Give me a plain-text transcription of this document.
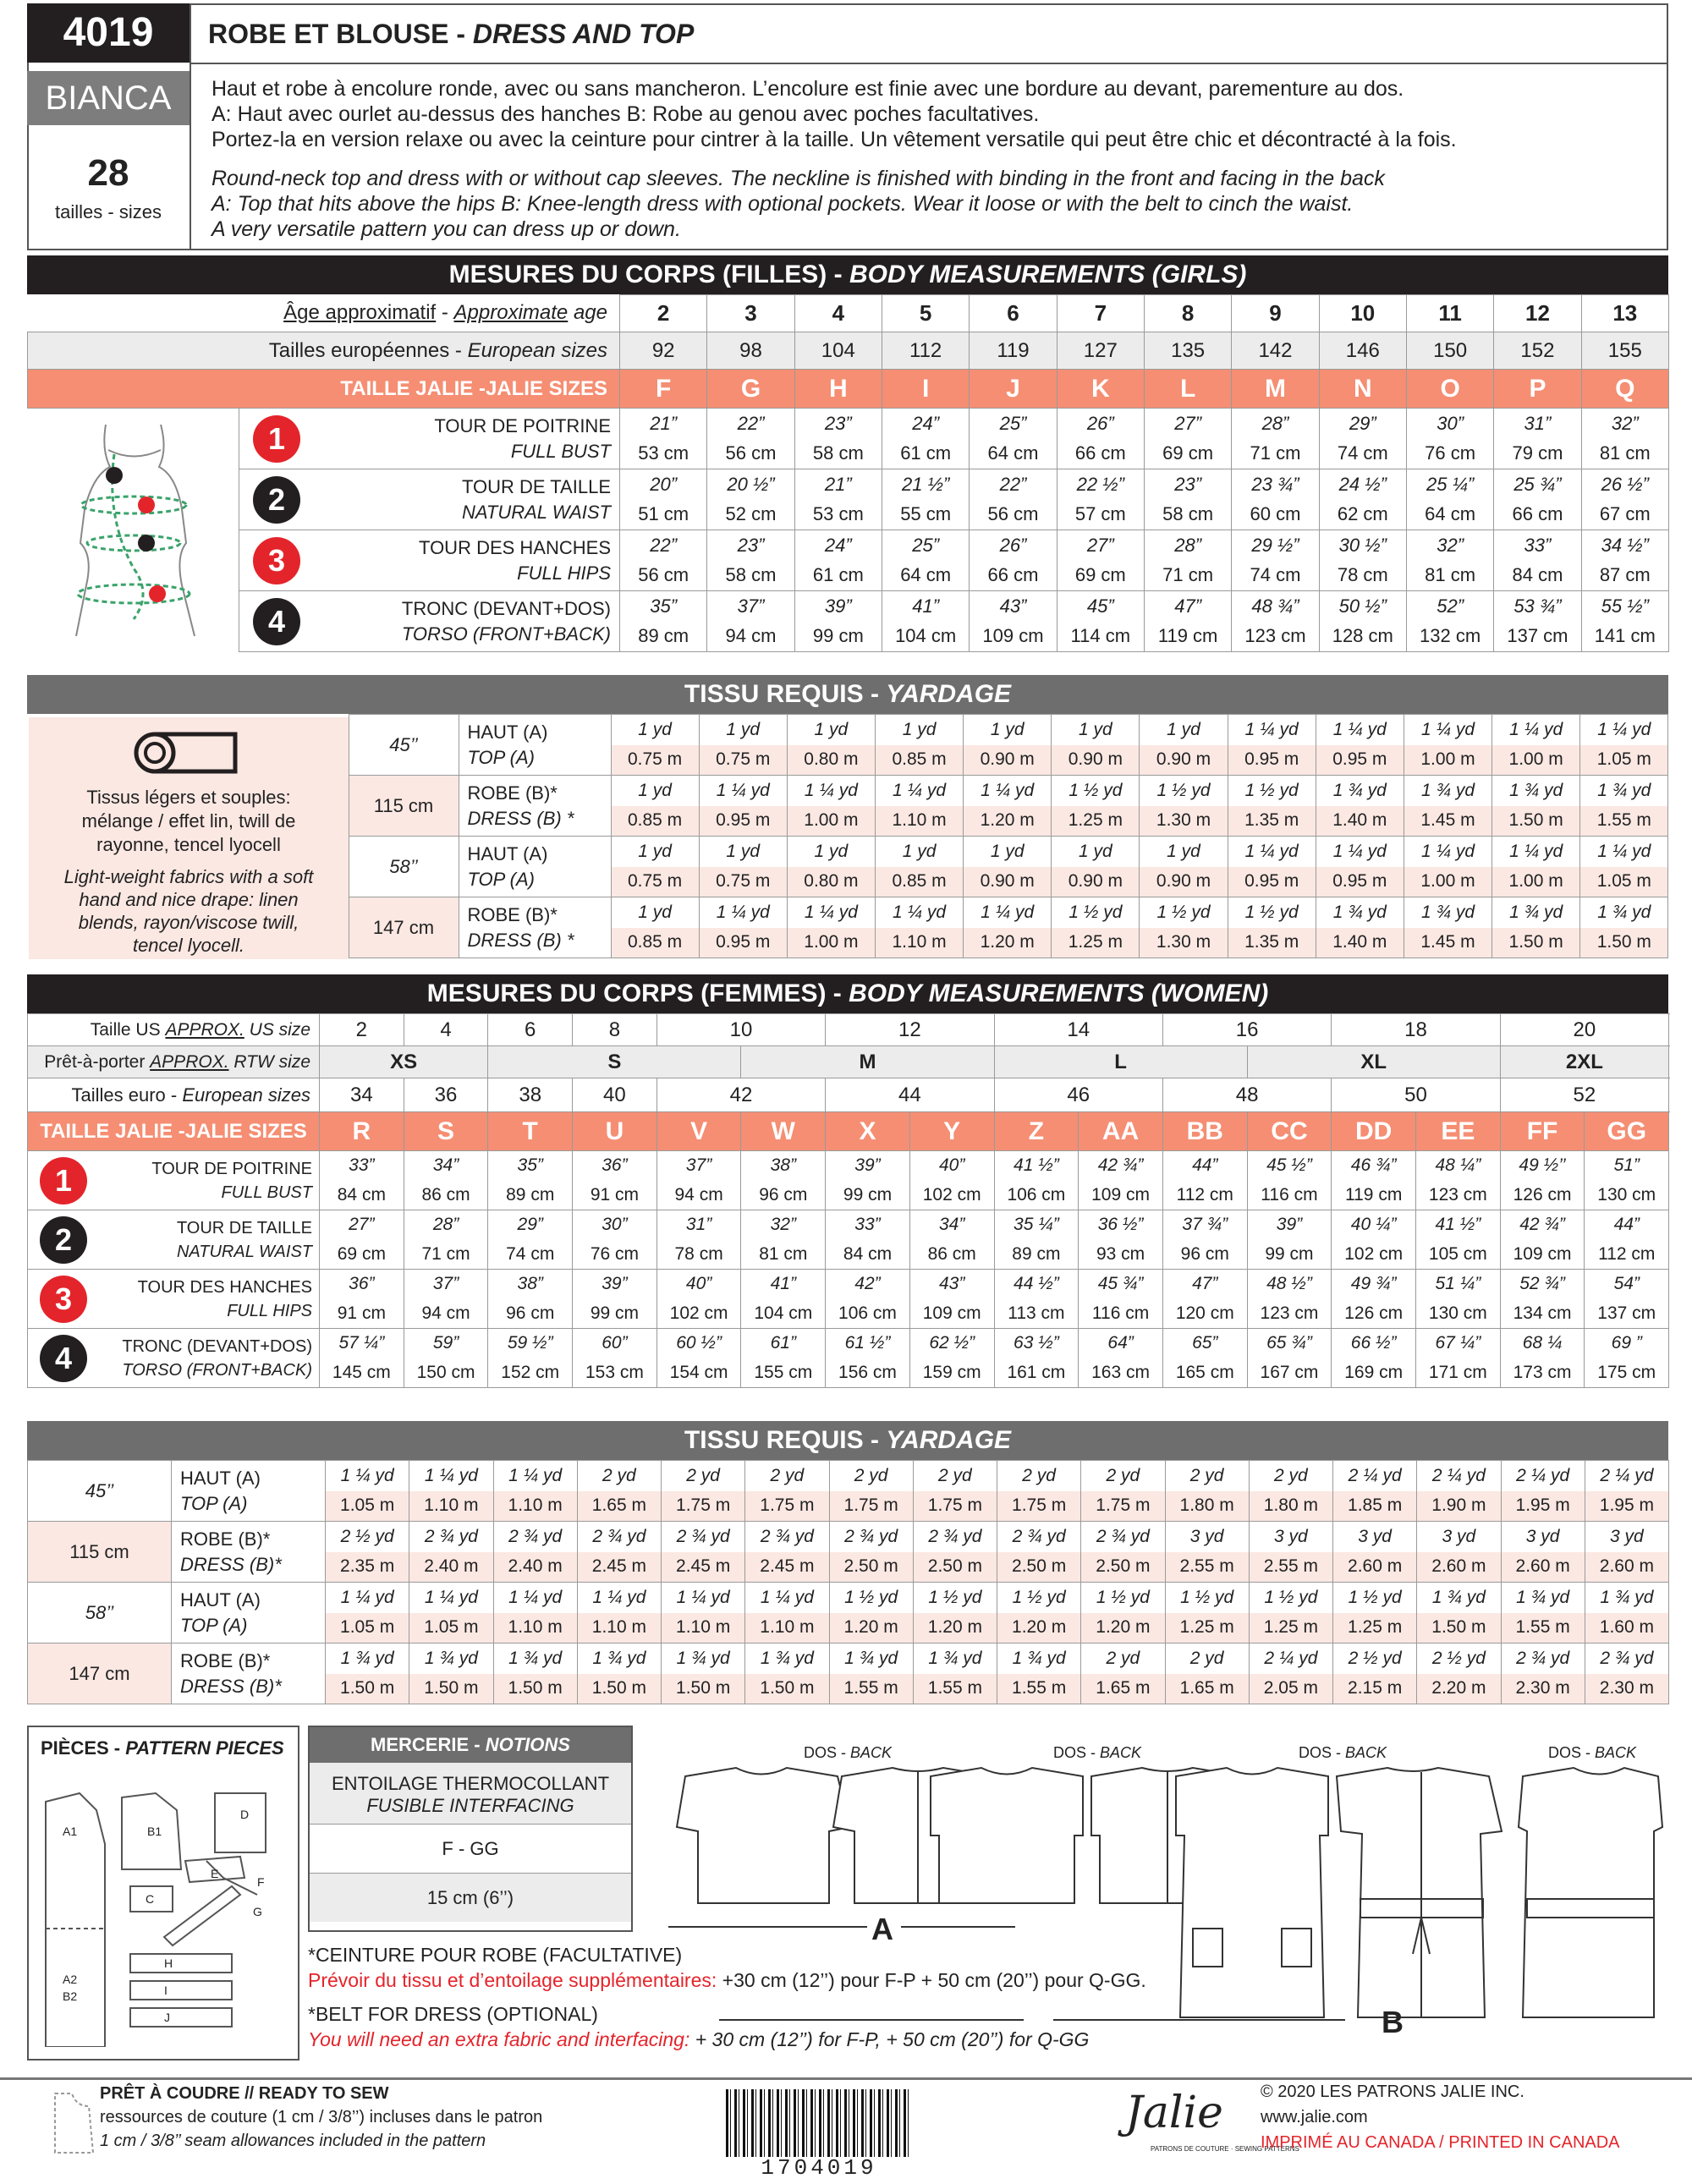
4019
BIANCA
28
tailles - sizes
ROBE ET BLOUSE - DRESS AND TOP
Haut et robe à encolure ronde, avec ou sans mancheron. L’encolure est finie avec une bordure au devant, parementure au dos.
A: Haut avec ourlet au-dessus des hanches B: Robe au genou avec poches facultatives.
Portez-la en version relaxe ou avec la ceinture pour cintrer à la taille. Un vêtement versatile qui peut être chic et décontracté à la fois.
Round-neck top and dress with or without cap sleeves. The neckline is finished with binding in the front and facing in the back
A: Top that hits above the hips B: Knee-length dress with optional pockets. Wear it loose or with the belt to cinch the waist.
A very versatile pattern you can dress up or down.
MESURES DU CORPS (FILLES) - BODY MEASUREMENTS (GIRLS)
Âge approximatif - Approximate age		2	3	4	5	6	7	8	9	10	11	12	13
Tailles européennes - European sizes		92	98	104	112	119	127	135	142	146	150	152	155
TAILLE JALIE -JALIE SIZES		F	G	H	I	J	K	L	M	N	O	P	Q

	1 TOUR DE POITRINE
FULL BUST	21”	22”	23”	24”	25”	26”	27”	28”	29”	30”	31”	32”
		53 cm	56 cm	58 cm	61 cm	64 cm	66 cm	69 cm	71 cm	74 cm	76 cm	79 cm	81 cm

	2 TOUR DE TAILLE
NATURAL WAIST	20”	20 ½”	21”	21 ½”	22”	22 ½”	23”	23 ¾”	24 ½”	25 ¼”	25 ¾”	26 ½”
		51 cm	52 cm	53 cm	55 cm	56 cm	57 cm	58 cm	60 cm	62 cm	64 cm	66 cm	67 cm

	3 TOUR DES HANCHES
FULL HIPS	22”	23”	24”	25”	26”	27”	28”	29 ½”	30 ½”	32”	33”	34 ½”
		56 cm	58 cm	61 cm	64 cm	66 cm	69 cm	71 cm	74 cm	78 cm	81 cm	84 cm	87 cm

	4 TRONC (DEVANT+DOS)
TORSO (FRONT+BACK)	35”	37”	39”	41”	43”	45”	47”	48 ¾”	50 ½”	52”	53 ¾”	55 ½”
		89 cm	94 cm	99 cm	104 cm	109 cm	114 cm	119 cm	123 cm	128 cm	132 cm	137 cm	141 cm
TISSU REQUIS - YARDAGE
	45’’	HAUT (A)
TOP (A)	1 yd	1 yd	1 yd	1 yd	1 yd	1 yd	1 yd	1 ¼ yd	1 ¼ yd	1 ¼ yd	1 ¼ yd	1 ¼ yd
			0.75 m	0.75 m	0.80 m	0.85 m	0.90 m	0.90 m	0.90 m	0.95 m	0.95 m	1.00 m	1.00 m	1.05 m
	115 cm	ROBE (B)*
DRESS (B) *	1 yd	1 ¼ yd	1 ¼ yd	1 ¼ yd	1 ¼ yd	1 ½ yd	1 ½ yd	1 ½ yd	1 ¾ yd	1 ¾ yd	1 ¾ yd	1 ¾ yd
			0.85 m	0.95 m	1.00 m	1.10 m	1.20 m	1.25 m	1.30 m	1.35 m	1.40 m	1.45 m	1.50 m	1.55 m
	58’’	HAUT (A)
TOP (A)	1 yd	1 yd	1 yd	1 yd	1 yd	1 yd	1 yd	1 ¼ yd	1 ¼ yd	1 ¼ yd	1 ¼ yd	1 ¼ yd
			0.75 m	0.75 m	0.80 m	0.85 m	0.90 m	0.90 m	0.90 m	0.95 m	0.95 m	1.00 m	1.00 m	1.05 m
	147 cm	ROBE (B)*
DRESS (B) *	1 yd	1 ¼ yd	1 ¼ yd	1 ¼ yd	1 ¼ yd	1 ½ yd	1 ½ yd	1 ½ yd	1 ¾ yd	1 ¾ yd	1 ¾ yd	1 ¾ yd
			0.85 m	0.95 m	1.00 m	1.10 m	1.20 m	1.25 m	1.30 m	1.35 m	1.40 m	1.45 m	1.50 m	1.50 m
Tissus légers et souples: mélange / effet lin, twill de rayonne, tencel lyocell
Light-weight fabrics with a soft hand and nice drape: linen blends, rayon/viscose twill, tencel lyocell.
MESURES DU CORPS (FEMMES) - BODY MEASUREMENTS (WOMEN)
Taille US APPROX. US size	2	4	6	8	10		12		14		16		18		20		
Prêt-à-porter APPROX. RTW size	XS		S			M			L			XL			2XL		
Tailles euro - European sizes	34	36	38	40	42		44		46		48		50		52		
TAILLE JALIE -JALIE SIZES	R	S	T	U	V	W	X	Y	Z	AA	BB	CC	DD	EE	FF	GG	

1 TOUR DE POITRINE
FULL BUST	33”	34”	35”	36”	37”	38”	39”	40”	41 ½”	42 ¾”	44”	45 ½”	46 ¾”	48 ¼”	49 ½’’	51”	
	84 cm	86 cm	89 cm	91 cm	94 cm	96 cm	99 cm	102 cm	106 cm	109 cm	112 cm	116 cm	119 cm	123 cm	126 cm	130 cm	

2 TOUR DE TAILLE
NATURAL WAIST	27”	28”	29”	30”	31”	32”	33”	34”	35 ¼”	36 ½”	37 ¾”	39”	40 ¼”	41 ½”	42 ¾”	44”	
	69 cm	71 cm	74 cm	76 cm	78 cm	81 cm	84 cm	86 cm	89 cm	93 cm	96 cm	99 cm	102 cm	105 cm	109 cm	112 cm	

3 TOUR DES HANCHES
FULL HIPS	36”	37”	38”	39”	40”	41”	42”	43”	44 ½”	45 ¾”	47”	48 ½”	49 ¾”	51 ¼”	52 ¾”	54”	
	91 cm	94 cm	96 cm	99 cm	102 cm	104 cm	106 cm	109 cm	113 cm	116 cm	120 cm	123 cm	126 cm	130 cm	134 cm	137 cm	

4 TRONC (DEVANT+DOS)
TORSO (FRONT+BACK)	57 ¼”	59”	59 ½”	60”	60 ½”	61”	61 ½”	62 ½”	63 ½”	64”	65”	65 ¾”	66 ½”	67 ¼”	68 ¼	69 ”	
	145 cm	150 cm	152 cm	153 cm	154 cm	155 cm	156 cm	159 cm	161 cm	163 cm	165 cm	167 cm	169 cm	171 cm	173 cm	175 cm	
TISSU REQUIS - YARDAGE
45’’	HAUT (A)
TOP (A)	1 ¼ yd	1 ¼ yd	1 ¼ yd	2 yd	2 yd	2 yd	2 yd	2 yd	2 yd	2 yd	2 yd	2 yd	2 ¼ yd	2 ¼ yd	2 ¼ yd	2 ¼ yd
		1.05 m	1.10 m	1.10 m	1.65 m	1.75 m	1.75 m	1.75 m	1.75 m	1.75 m	1.75 m	1.80 m	1.80 m	1.85 m	1.90 m	1.95 m	1.95 m
115 cm	ROBE (B)*
DRESS (B)*	2 ½ yd	2 ¾ yd	2 ¾ yd	2 ¾ yd	2 ¾ yd	2 ¾ yd	2 ¾ yd	2 ¾ yd	2 ¾ yd	2 ¾ yd	3 yd	3 yd	3 yd	3 yd	3 yd	3 yd
		2.35 m	2.40 m	2.40 m	2.45 m	2.45 m	2.45 m	2.50 m	2.50 m	2.50 m	2.50 m	2.55 m	2.55 m	2.60 m	2.60 m	2.60 m	2.60 m
58’’	HAUT (A)
TOP (A)	1 ¼ yd	1 ¼ yd	1 ¼ yd	1 ¼ yd	1 ¼ yd	1 ¼ yd	1 ½ yd	1 ½ yd	1 ½ yd	1 ½ yd	1 ½ yd	1 ½ yd	1 ½ yd	1 ¾ yd	1 ¾ yd	1 ¾ yd
		1.05 m	1.05 m	1.10 m	1.10 m	1.10 m	1.10 m	1.20 m	1.20 m	1.20 m	1.20 m	1.25 m	1.25 m	1.25 m	1.50 m	1.55 m	1.60 m
147 cm	ROBE (B)*
DRESS (B)*	1 ¾ yd	1 ¾ yd	1 ¾ yd	1 ¾ yd	1 ¾ yd	1 ¾ yd	1 ¾ yd	1 ¾ yd	1 ¾ yd	2 yd	2 yd	2 ¼ yd	2 ½ yd	2 ½ yd	2 ¾ yd	2 ¾ yd
		1.50 m	1.50 m	1.50 m	1.50 m	1.50 m	1.50 m	1.55 m	1.55 m	1.55 m	1.65 m	1.65 m	2.05 m	2.15 m	2.20 m	2.30 m	2.30 m
PIÈCES - PATTERN PIECES
A1	B1
D
E
F
C
G
A2
B2
H
I
J
MERCERIE - NOTIONS
ENTOILAGE THERMOCOLLANT
FUSIBLE INTERFACING
F - GG
15 cm (6’’)
*CEINTURE POUR ROBE (FACULTATIVE)
Prévoir du tissu et d’entoilage supplémentaires: +30 cm (12’’) pour F-P + 50 cm (20’’) pour Q-GG.
*BELT FOR DRESS (OPTIONAL)
You will need an extra fabric and interfacing: + 30 cm (12’’) for F-P, + 50 cm (20’’) for Q-GG
DOS - BACK	DOS - BACK	DOS - BACK	DOS - BACK
A
B
PRÊT À COUDRE // READY TO SEW
ressources de couture (1 cm / 3/8’’) incluses dans le patron
1 cm / 3/8’’ seam allowances included in the pattern
1704019
Jalie
PATRONS DE COUTURE · SEWING PATTERNS
© 2020 LES PATRONS JALIE INC.
www.jalie.com
IMPRIMÉ AU CANADA / PRINTED IN CANADA
